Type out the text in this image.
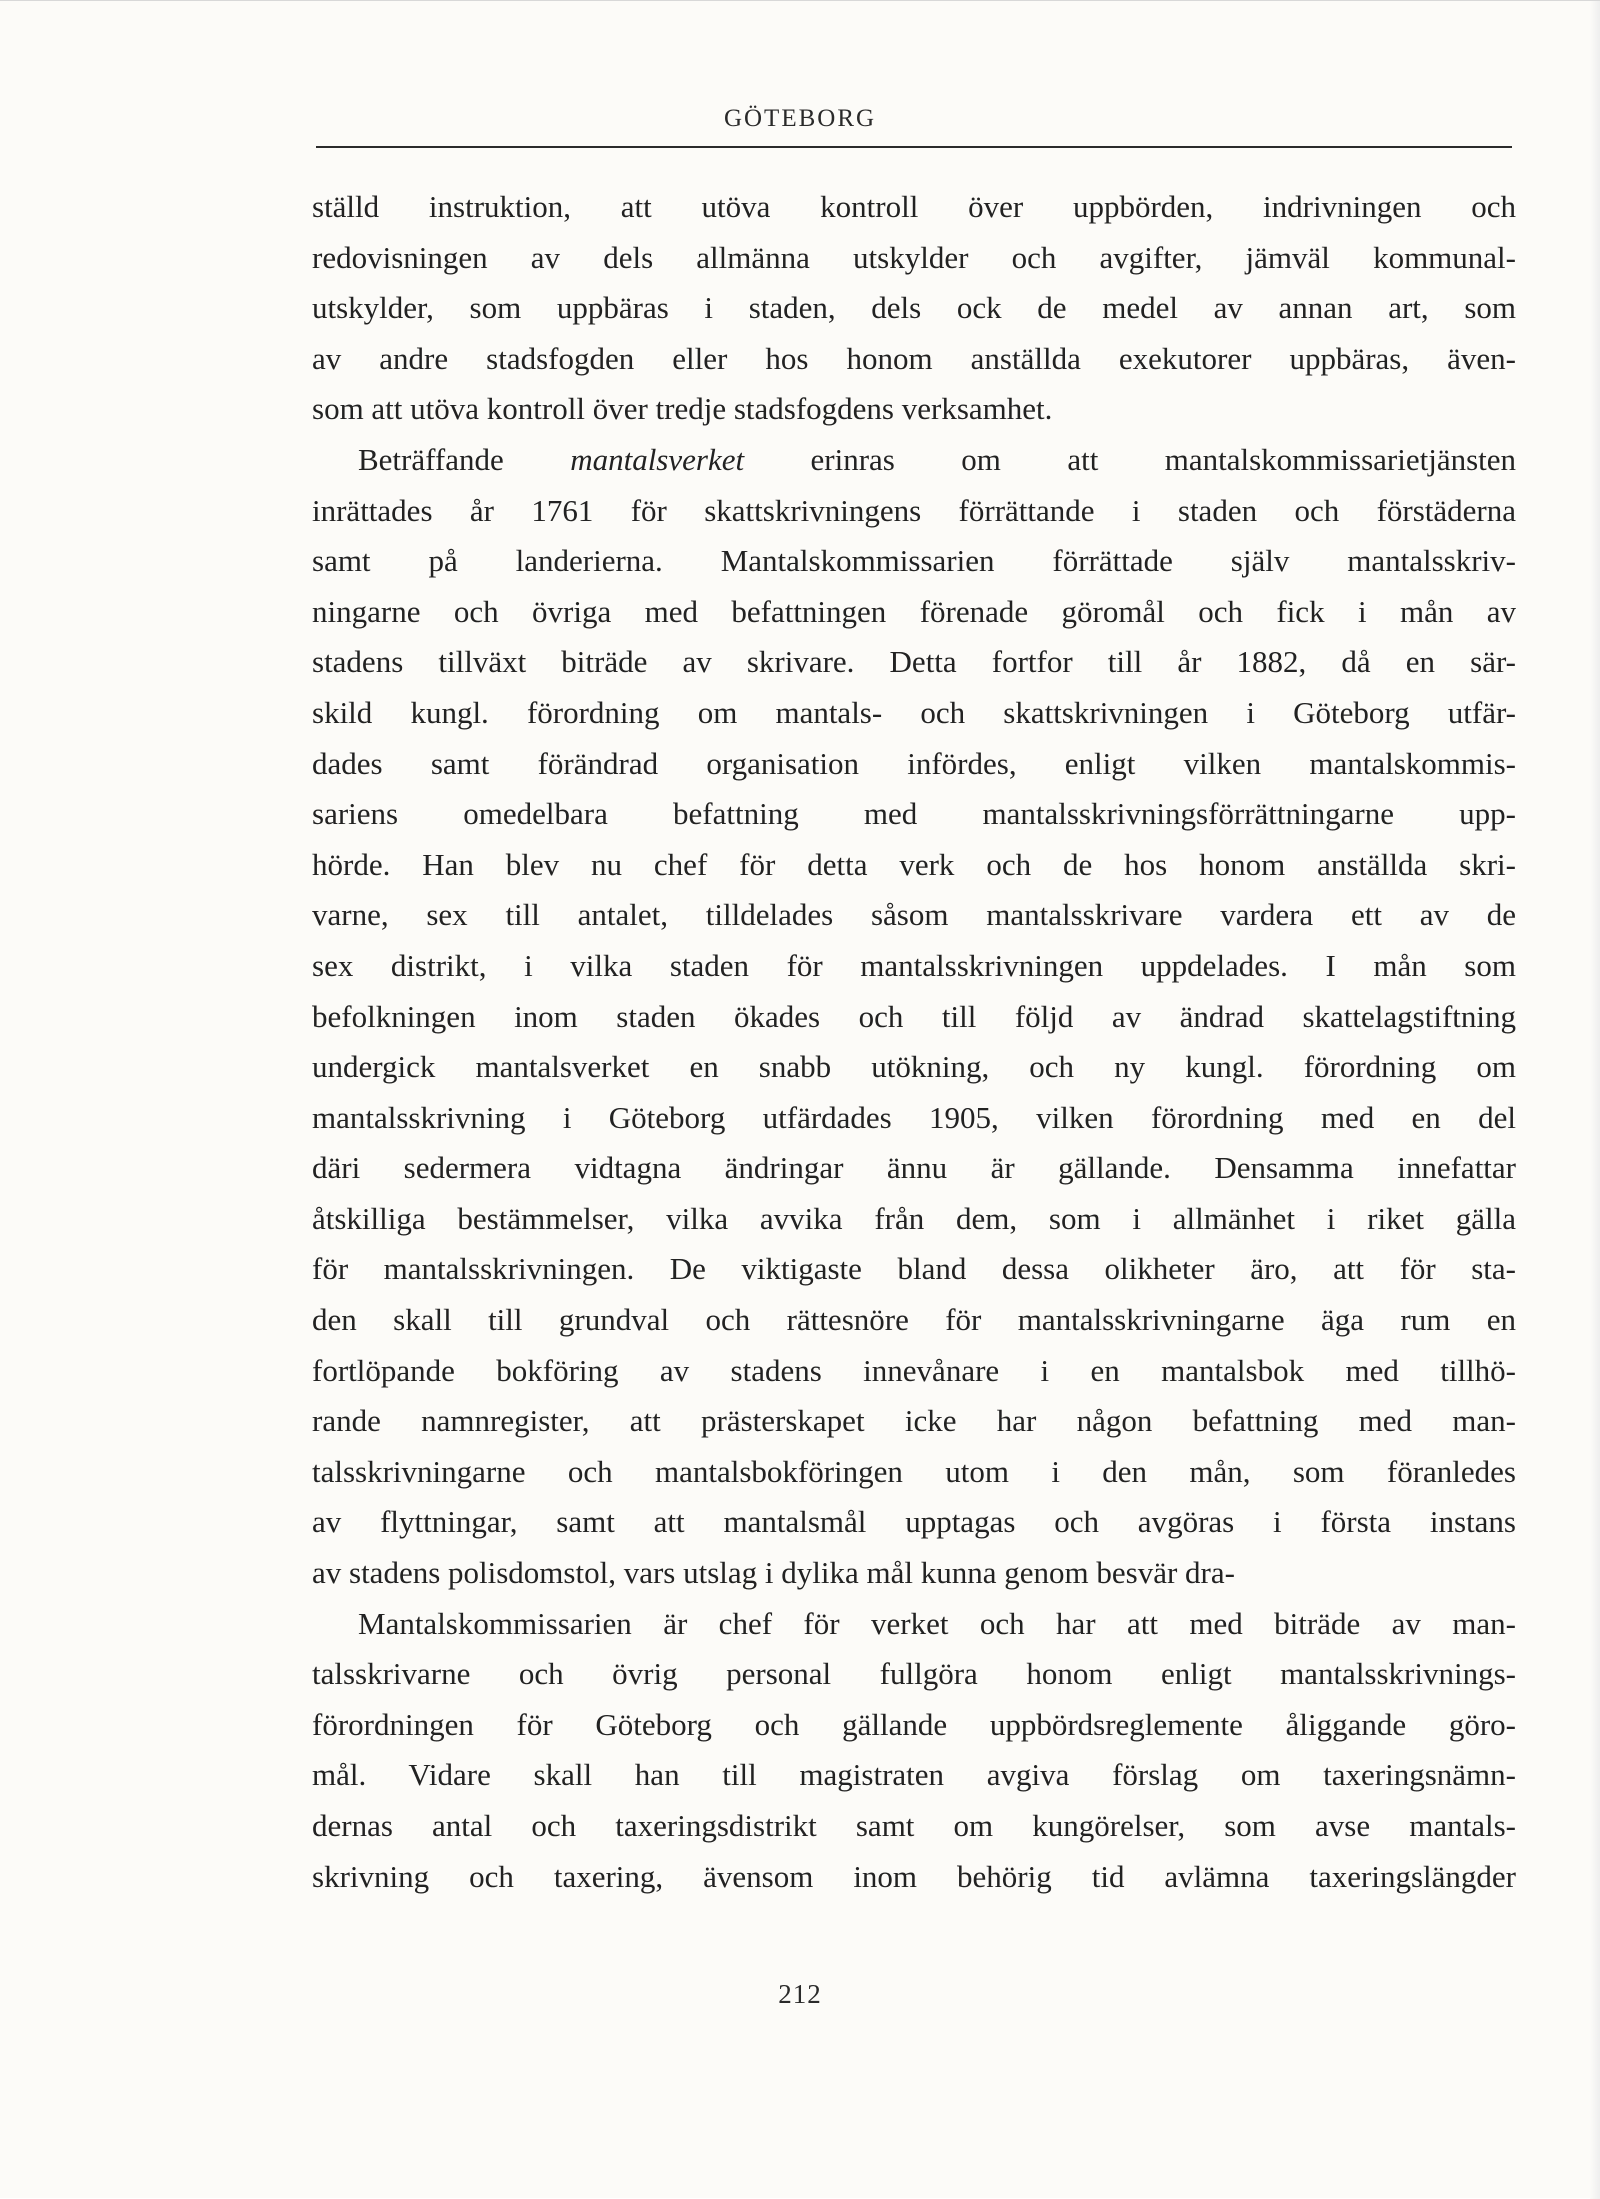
GÖTEBORG
ställd instruktion, att utöva kontroll över uppbörden, indrivningen och
redovisningen av dels allmänna utskylder och avgifter, jämväl kommunal-
utskylder, som uppbäras i staden, dels ock de medel av annan art, som
av andre stadsfogden eller hos honom anställda exekutorer uppbäras, även-
som att utöva kontroll över tredje stadsfogdens verksamhet.
Beträffande mantalsverket erinras om att mantalskommissarietjänsten
inrättades år 1761 för skattskrivningens förrättande i staden och förstäderna
samt på landerierna. Mantalskommissarien förrättade själv mantalsskriv-
ningarne och övriga med befattningen förenade göromål och fick i mån av
stadens tillväxt biträde av skrivare. Detta fortfor till år 1882, då en sär-
skild kungl. förordning om mantals- och skattskrivningen i Göteborg utfär-
dades samt förändrad organisation infördes, enligt vilken mantalskommis-
sariens omedelbara befattning med mantalsskrivningsförrättningarne upp-
hörde. Han blev nu chef för detta verk och de hos honom anställda skri-
varne, sex till antalet, tilldelades såsom mantalsskrivare vardera ett av de
sex distrikt, i vilka staden för mantalsskrivningen uppdelades. I mån som
befolkningen inom staden ökades och till följd av ändrad skattelagstiftning
undergick mantalsverket en snabb utökning, och ny kungl. förordning om
mantalsskrivning i Göteborg utfärdades 1905, vilken förordning med en del
däri sedermera vidtagna ändringar ännu är gällande. Densamma innefattar
åtskilliga bestämmelser, vilka avvika från dem, som i allmänhet i riket gälla
för mantalsskrivningen. De viktigaste bland dessa olikheter äro, att för sta-
den skall till grundval och rättesnöre för mantalsskrivningarne äga rum en
fortlöpande bokföring av stadens innevånare i en mantalsbok med tillhö-
rande namnregister, att prästerskapet icke har någon befattning med man-
talsskrivningarne och mantalsbokföringen utom i den mån, som föranledes
av flyttningar, samt att mantalsmål upptagas och avgöras i första instans
av stadens polisdomstol, vars utslag i dylika mål kunna genom besvär dra-
Mantalskommissarien är chef för verket och har att med biträde av man-
talsskrivarne och övrig personal fullgöra honom enligt mantalsskrivnings-
förordningen för Göteborg och gällande uppbördsreglemente åliggande göro-
mål. Vidare skall han till magistraten avgiva förslag om taxeringsnämn-
dernas antal och taxeringsdistrikt samt om kungörelser, som avse mantals-
skrivning och taxering, ävensom inom behörig tid avlämna taxeringslängder
212
